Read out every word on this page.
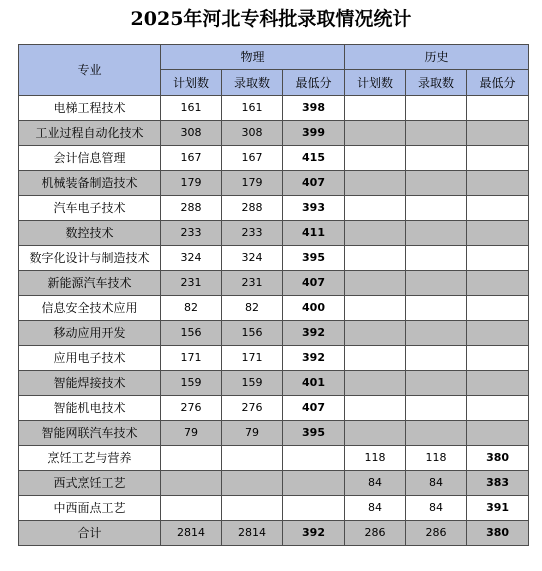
2025年河北专科批录取情况统计
专业	物理			历史		
	计划数	录取数	最低分	计划数	录取数	最低分
电梯工程技术	161	161	398			
工业过程自动化技术	308	308	399			
会计信息管理	167	167	415			
机械装备制造技术	179	179	407			
汽车电子技术	288	288	393			
数控技术	233	233	411			
数字化设计与制造技术	324	324	395			
新能源汽车技术	231	231	407			
信息安全技术应用	82	82	400			
移动应用开发	156	156	392			
应用电子技术	171	171	392			
智能焊接技术	159	159	401			
智能机电技术	276	276	407			
智能网联汽车技术	79	79	395			
烹饪工艺与营养				118	118	380
西式烹饪工艺				84	84	383
中西面点工艺				84	84	391
合计	2814	2814	392	286	286	380
